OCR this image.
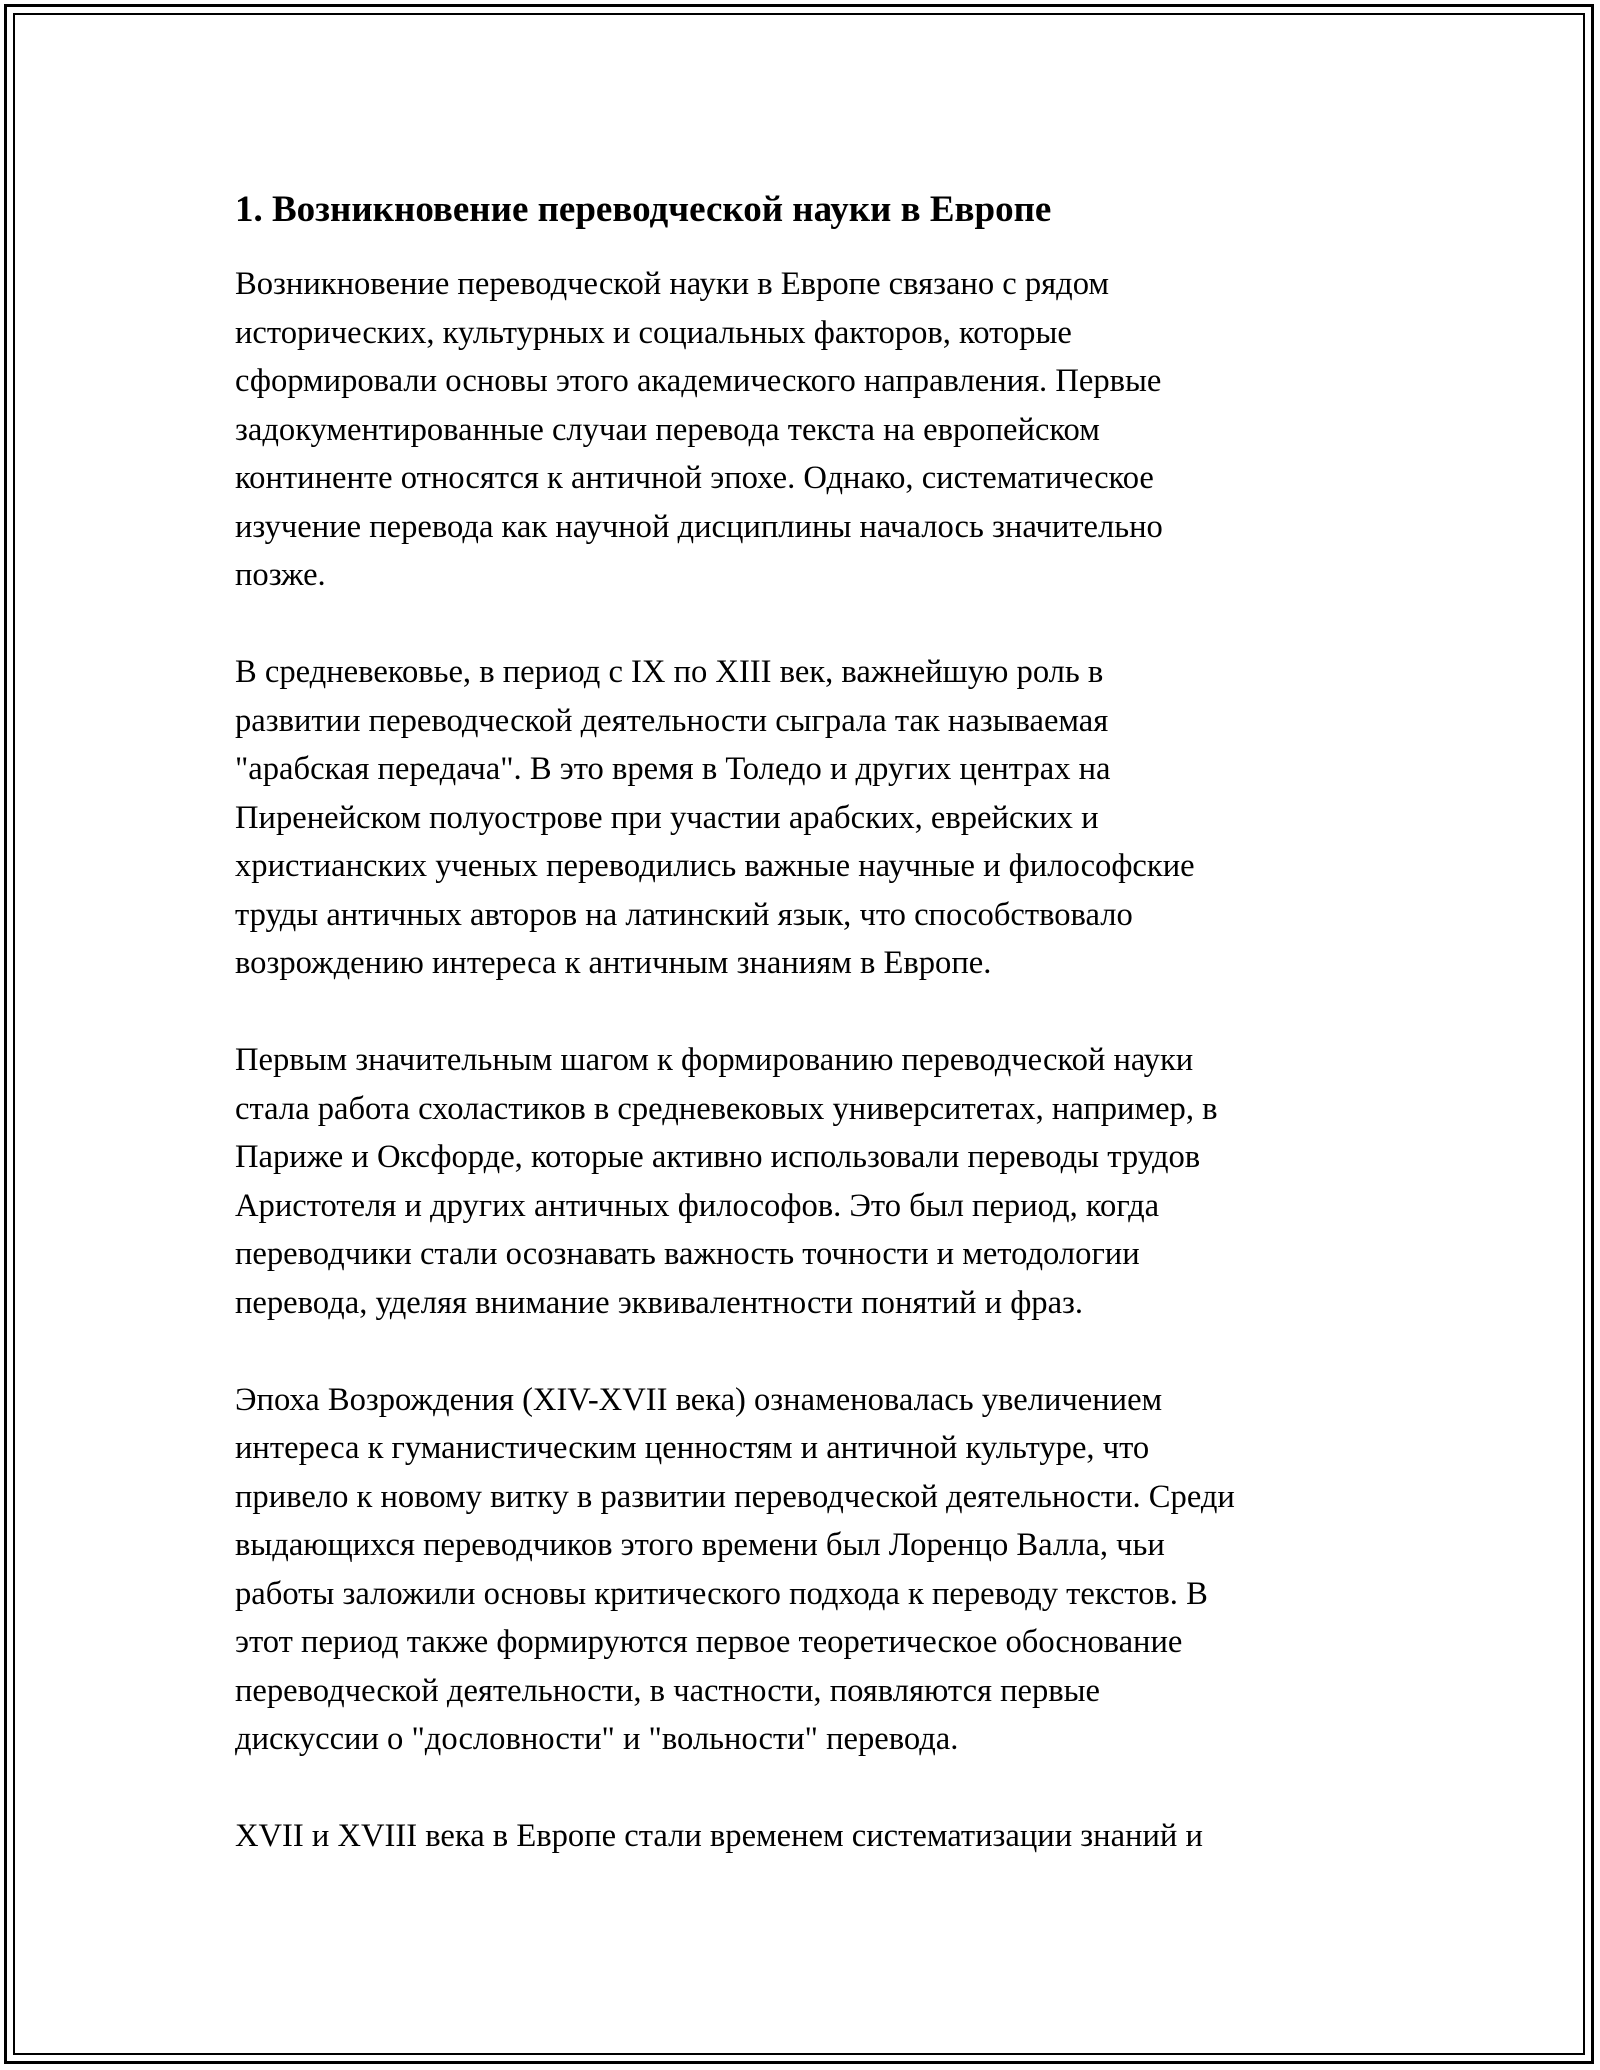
1. Возникновение переводческой науки в Европе

Возникновение переводческой науки в Европе связано с рядом
исторических, культурных и социальных факторов, которые
сформировали основы этого академического направления. Первые
задокументированные случаи перевода текста на европейском
континенте относятся к античной эпохе. Однако, систематическое
изучение перевода как научной дисциплины началось значительно
позже.

В средневековье, в период с IX по XIII век, важнейшую роль в
развитии переводческой деятельности сыграла так называемая
"арабская передача". В это время в Толедо и других центрах на
Пиренейском полуострове при участии арабских, еврейских и
христианских ученых переводились важные научные и философские
труды античных авторов на латинский язык, что способствовало
возрождению интереса к античным знаниям в Европе.

Первым значительным шагом к формированию переводческой науки
стала работа схоластиков в средневековых университетах, например, в
Париже и Оксфорде, которые активно использовали переводы трудов
Аристотеля и других античных философов. Это был период, когда
переводчики стали осознавать важность точности и методологии
перевода, уделяя внимание эквивалентности понятий и фраз.

Эпоха Возрождения (XIV-XVII века) ознаменовалась увеличением
интереса к гуманистическим ценностям и античной культуре, что
привело к новому витку в развитии переводческой деятельности. Среди
выдающихся переводчиков этого времени был Лоренцо Валла, чьи
работы заложили основы критического подхода к переводу текстов. В
этот период также формируются первое теоретическое обоснование
переводческой деятельности, в частности, появляются первые
дискуссии о "дословности" и "вольности" перевода.

XVII и XVIII века в Европе стали временем систематизации знаний и
